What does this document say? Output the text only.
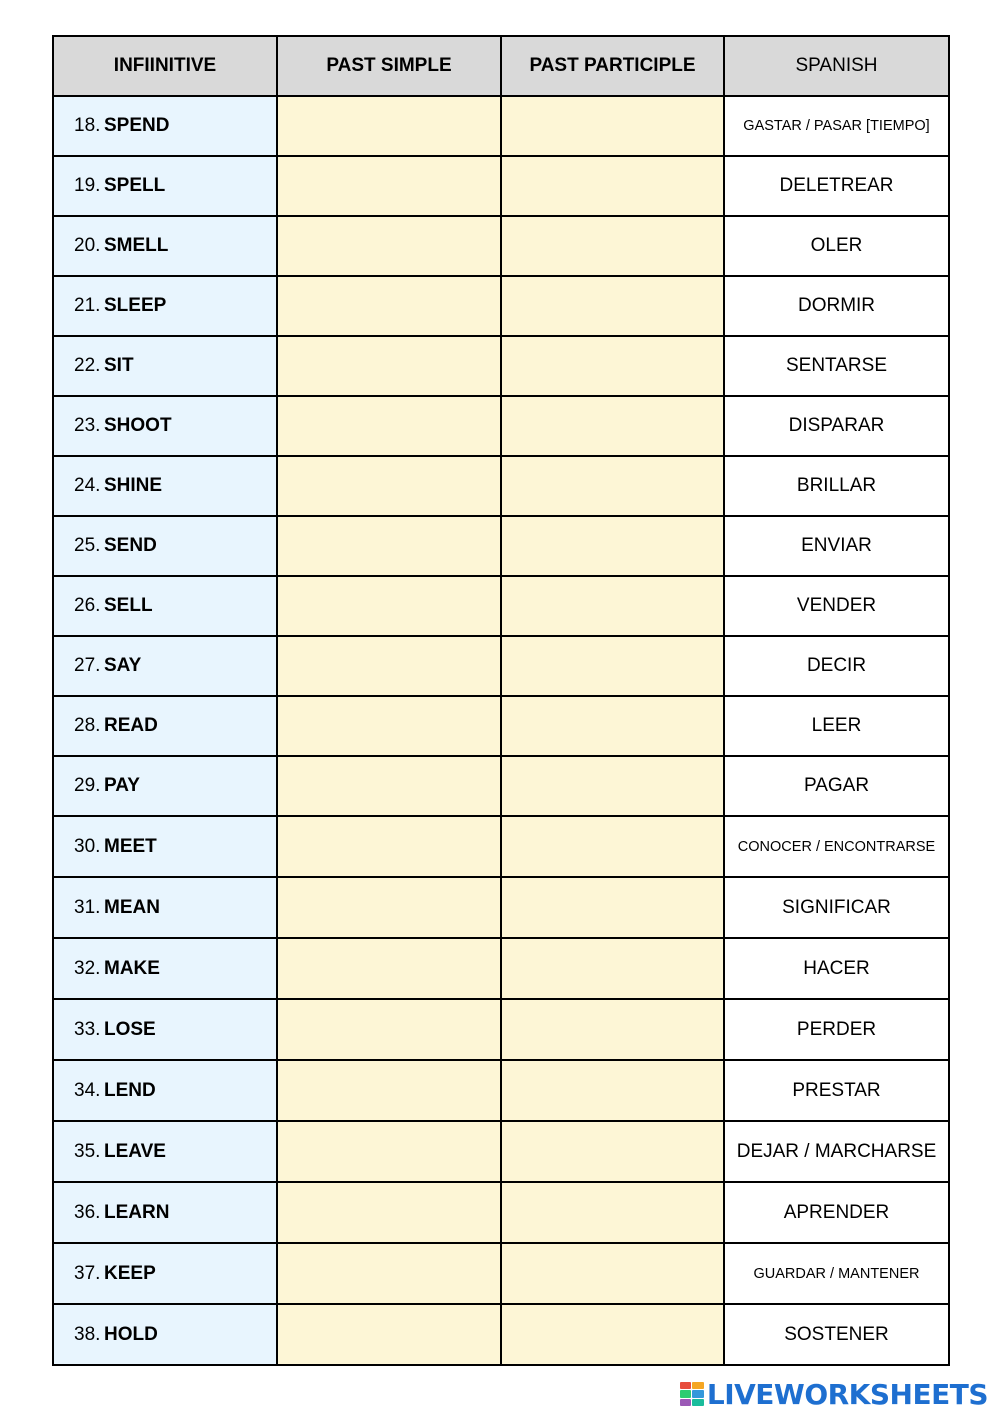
INFIINITIVE	PAST SIMPLE	PAST PARTICIPLE	SPANISH
18. SPEND			GASTAR / PASAR [TIEMPO]
19. SPELL			DELETREAR
20. SMELL			OLER
21. SLEEP			DORMIR
22. SIT			SENTARSE
23. SHOOT			DISPARAR
24. SHINE			BRILLAR
25. SEND			ENVIAR
26. SELL			VENDER
27. SAY			DECIR
28. READ			LEER
29. PAY			PAGAR
30. MEET			CONOCER / ENCONTRARSE
31. MEAN			SIGNIFICAR
32. MAKE			HACER
33. LOSE			PERDER
34. LEND			PRESTAR
35. LEAVE			DEJAR / MARCHARSE
36. LEARN			APRENDER
37. KEEP			GUARDAR / MANTENER
38. HOLD			SOSTENER
LIVEWORKSHEETS
